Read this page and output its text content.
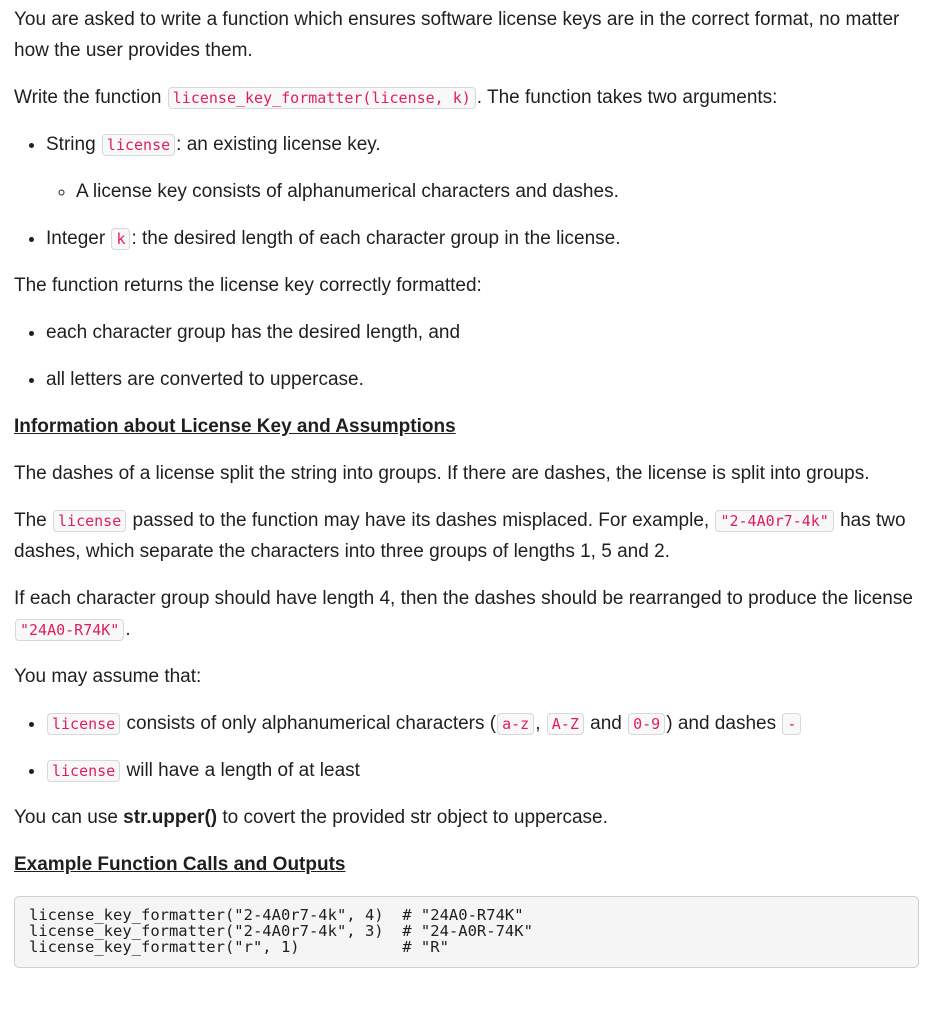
You are asked to write a function which ensures software license keys are in the correct format, no matter how the user provides them.

Write the function license_key_formatter(license, k) . The function takes two arguments:

• String license : an existing license key.
◦ A license key consists of alphanumerical characters and dashes.
• Integer k : the desired length of each character group in the license.

The function returns the license key correctly formatted:

• each character group has the desired length, and
• all letters are converted to uppercase.
Information about License Key and Assumptions

The dashes of a license split the string into groups. If there are dashes, the license is split into groups.

The license passed to the function may have its dashes misplaced. For example, "2-4A0r7-4k" has two dashes, which separate the characters into three groups of lengths 1, 5 and 2.

If each character group should have length 4, then the dashes should be rearranged to produce the license "24A0-R74K" .

You may assume that:

• license consists of only alphanumerical characters ( a-z , A-Z and 0-9 ) and dashes -
• license will have a length of at least

You can use str.upper() to covert the provided str object to uppercase.

Example Function Calls and Outputs
license_key_formatter("2-4A0r7-4k", 4)  # "24A0-R74K"
license_key_formatter("2-4A0r7-4k", 3)  # "24-A0R-74K"
license_key_formatter("r", 1)           # "R"
